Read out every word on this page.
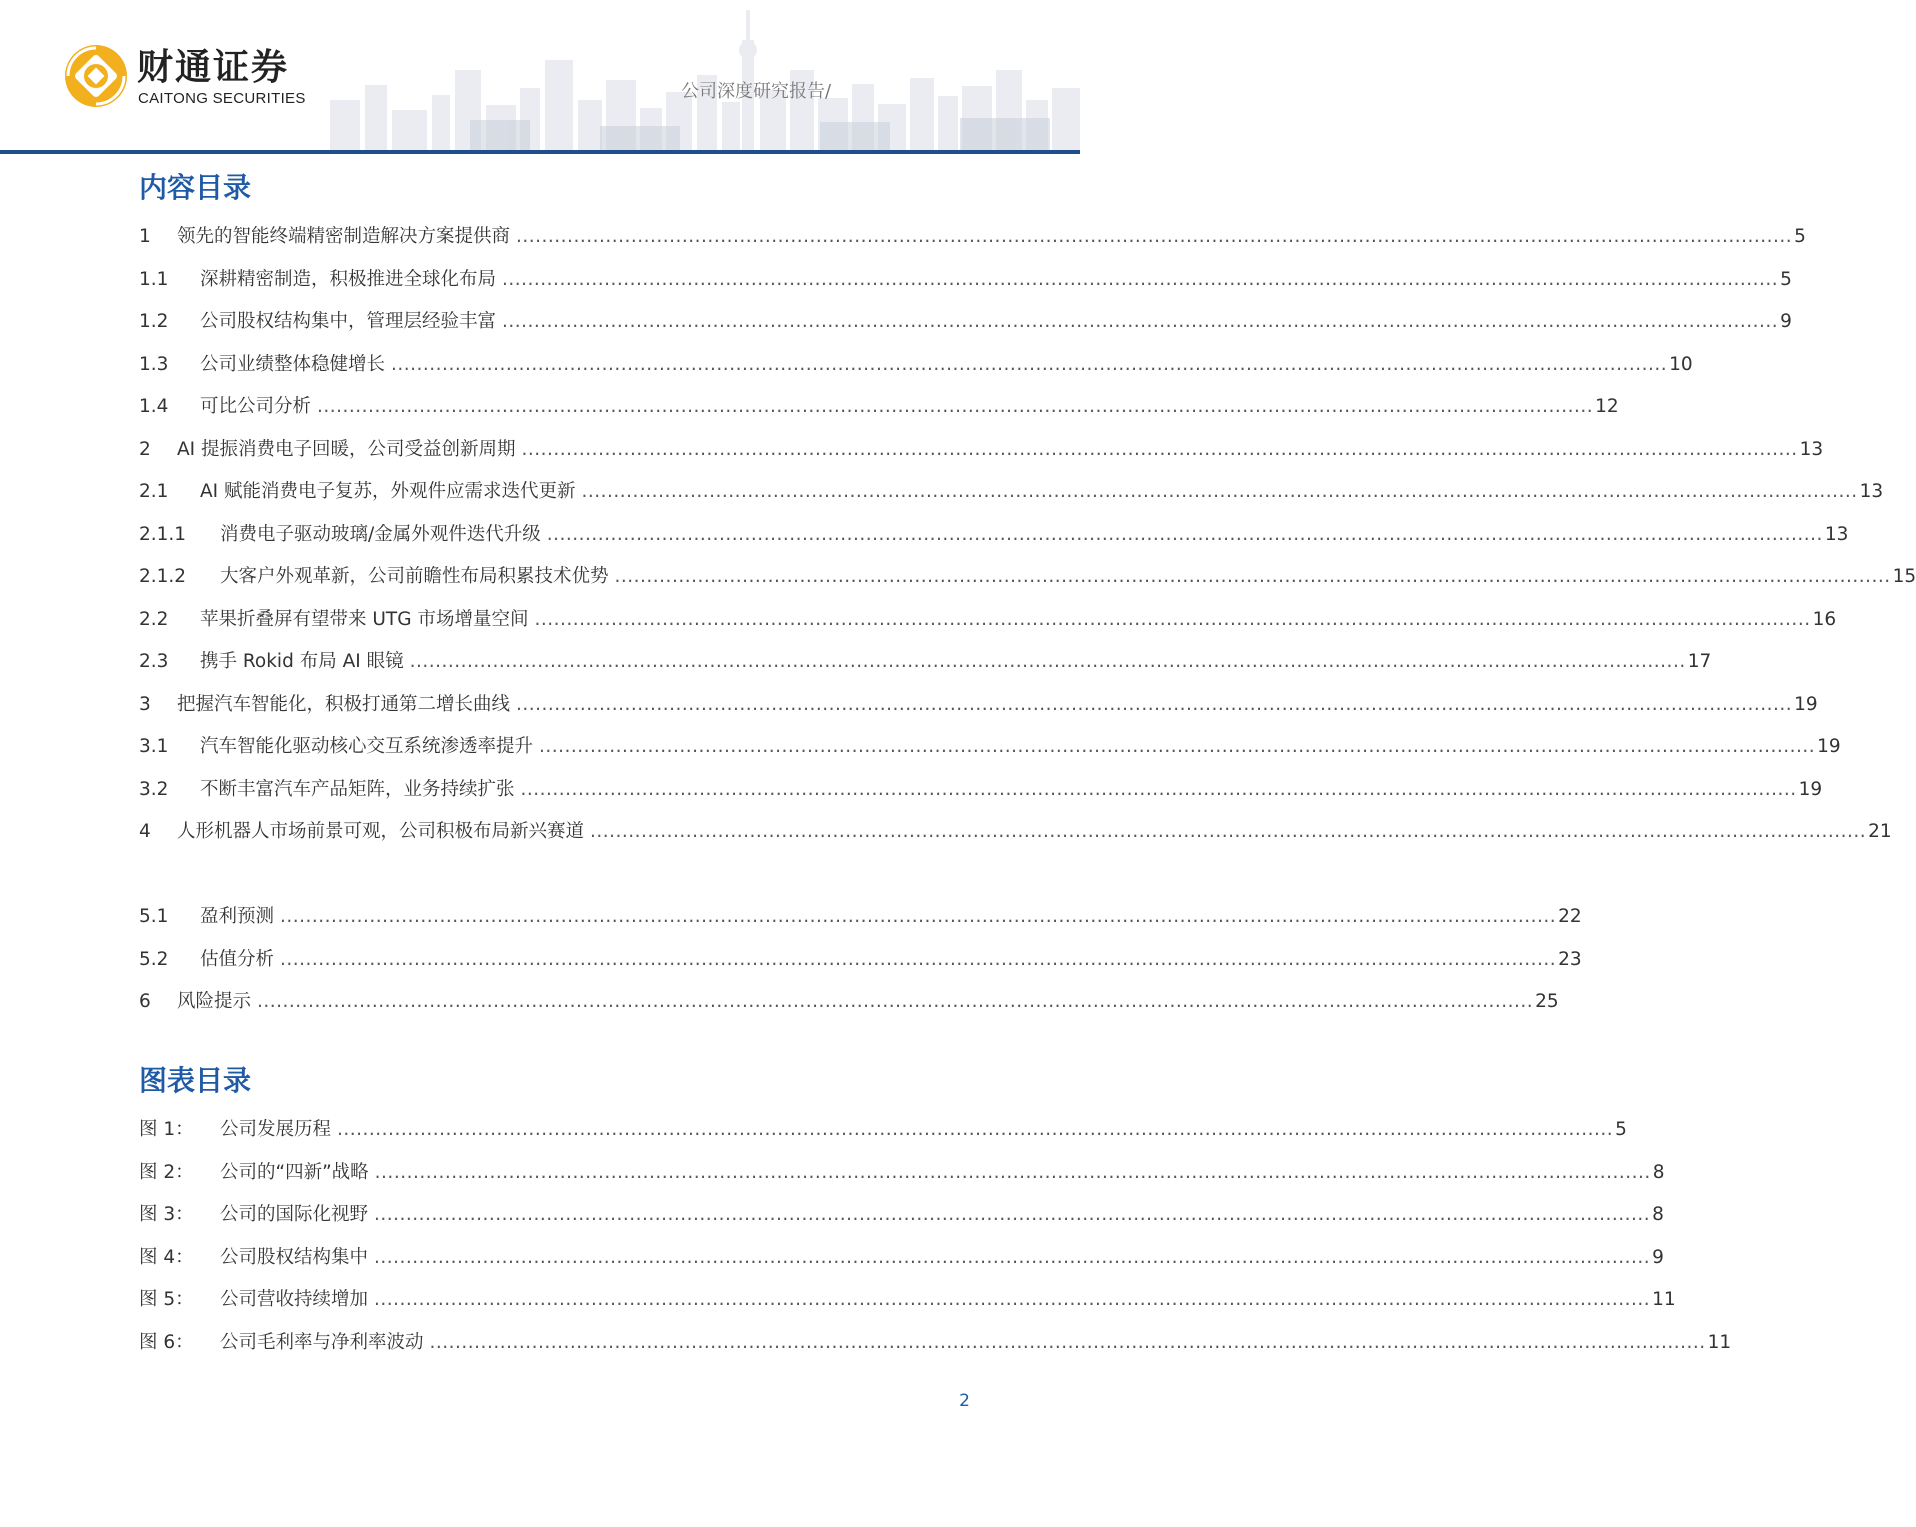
财通证券
CAITONG SECURITIES	公司深度研究报告/
内容目录
1	领先的智能终端精密制造解决方案提供商 ........................................................................................................................................................................................................ 5
1.1	深耕精密制造，积极推进全球化布局 ........................................................................................................................................................................................................ 5
1.2	公司股权结构集中，管理层经验丰富 ........................................................................................................................................................................................................ 9
1.3	公司业绩整体稳健增长 ........................................................................................................................................................................................................ 10
1.4	可比公司分析 ........................................................................................................................................................................................................ 12
2	AI 提振消费电子回暖，公司受益创新周期 ........................................................................................................................................................................................................ 13
2.1	AI 赋能消费电子复苏，外观件应需求迭代更新 ........................................................................................................................................................................................................ 13
2.1.1	消费电子驱动玻璃/金属外观件迭代升级 ........................................................................................................................................................................................................ 13
2.1.2	大客户外观革新，公司前瞻性布局积累技术优势 ........................................................................................................................................................................................................ 15
2.2	苹果折叠屏有望带来 UTG 市场增量空间 ........................................................................................................................................................................................................ 16
2.3	携手 Rokid 布局 AI 眼镜 ........................................................................................................................................................................................................ 17
3	把握汽车智能化，积极打通第二增长曲线 ........................................................................................................................................................................................................ 19
3.1	汽车智能化驱动核心交互系统渗透率提升 ........................................................................................................................................................................................................ 19
3.2	不断丰富汽车产品矩阵，业务持续扩张 ........................................................................................................................................................................................................ 19
4	人形机器人市场前景可观，公司积极布局新兴赛道 ........................................................................................................................................................................................................ 21
5.1	盈利预测 ........................................................................................................................................................................................................ 22
5.2	估值分析 ........................................................................................................................................................................................................ 23
6	风险提示 ........................................................................................................................................................................................................ 25
图表目录
图 1：	公司发展历程 ........................................................................................................................................................................................................ 5
图 2：	公司的“四新”战略 ........................................................................................................................................................................................................ 8
图 3：	公司的国际化视野 ........................................................................................................................................................................................................ 8
图 4：	公司股权结构集中 ........................................................................................................................................................................................................ 9
图 5：	公司营收持续增加 ........................................................................................................................................................................................................ 11
图 6：	公司毛利率与净利率波动 ........................................................................................................................................................................................................ 11
2
